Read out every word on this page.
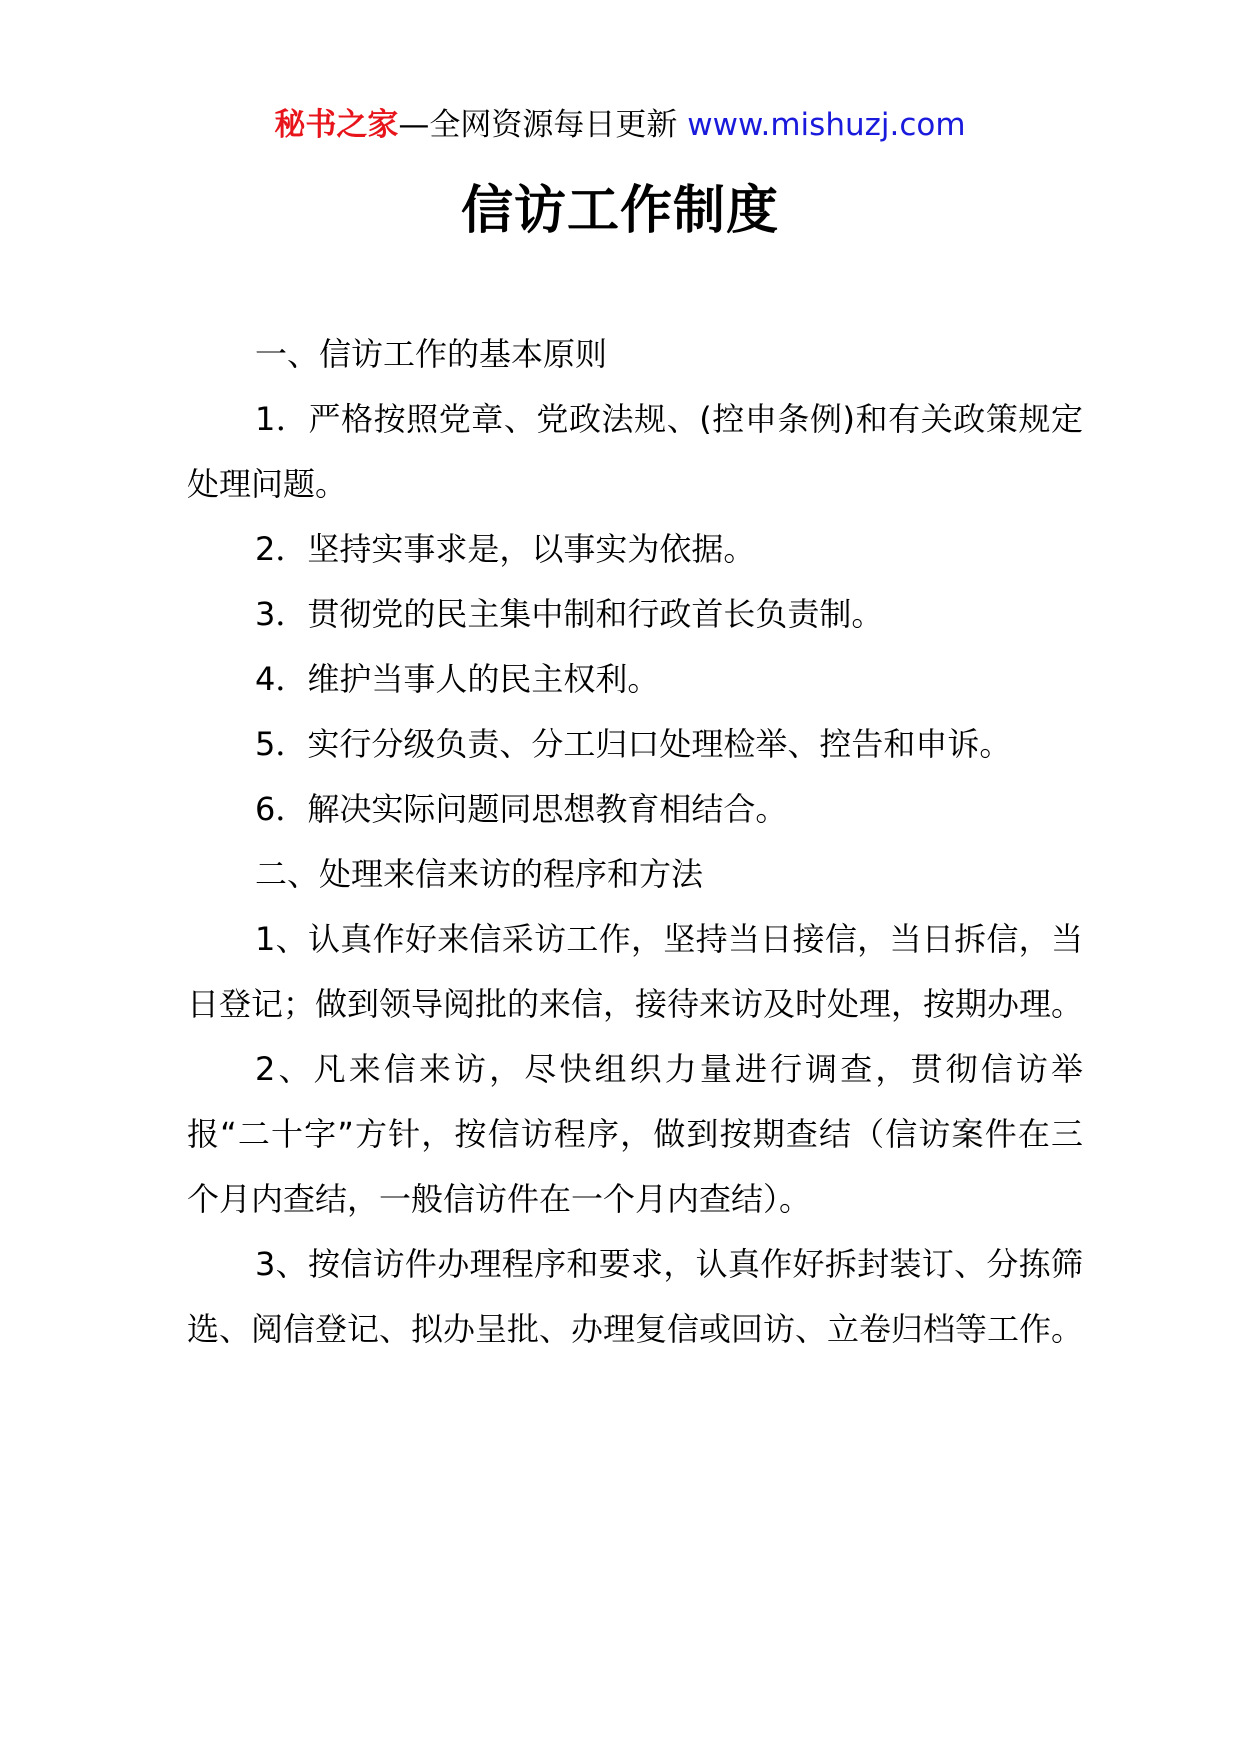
秘书之家—全网资源每日更新 www.mishuzj.com
信访工作制度

一、信访工作的基本原则

1．严格按照党章、党政法规、(控申条例)和有关政策规定处理问题。

2．坚持实事求是，以事实为依据。

3．贯彻党的民主集中制和行政首长负责制。

4．维护当事人的民主权利。

5．实行分级负责、分工归口处理检举、控告和申诉。

6．解决实际问题同思想教育相结合。

二、处理来信来访的程序和方法

1、认真作好来信采访工作，坚持当日接信，当日拆信，当日登记；做到领导阅批的来信，接待来访及时处理，按期办理。

2、凡来信来访，尽快组织力量进行调查，贯彻信访举报“二十字”方针，按信访程序，做到按期查结（信访案件在三个月内查结，一般信访件在一个月内查结）。

3、按信访件办理程序和要求，认真作好拆封装订、分拣筛选、阅信登记、拟办呈批、办理复信或回访、立卷归档等工作。
